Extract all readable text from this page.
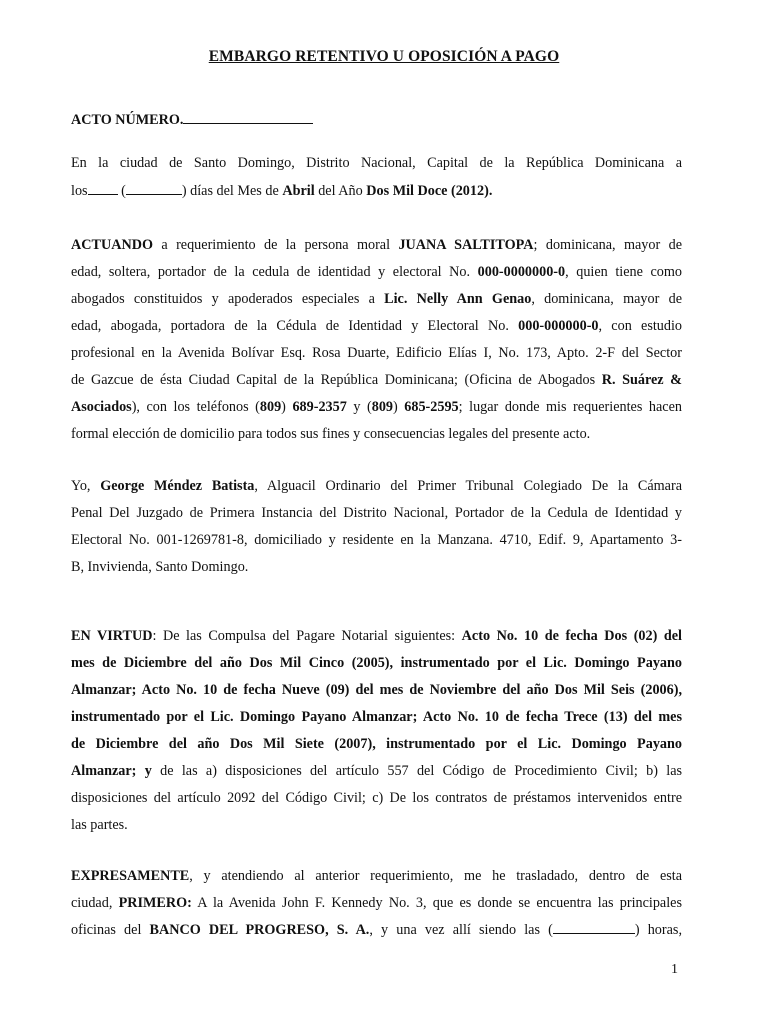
EMBARGO RETENTIVO U OPOSICIÓN A PAGO
ACTO NÚMERO.
En la ciudad de Santo Domingo, Distrito Nacional, Capital de la República Dominicana a
los (	) días del Mes de Abril del Año Dos Mil Doce (2012).
ACTUANDO a requerimiento de la persona moral JUANA SALTITOPA; dominicana, mayor de
edad, soltera, portador de la cedula de identidad y electoral No. 000-0000000-0, quien tiene como
abogados constituidos y apoderados especiales a Lic. Nelly Ann Genao, dominicana, mayor de
edad, abogada, portadora de la Cédula de Identidad y Electoral No. 000-000000-0, con estudio
profesional en la Avenida Bolívar Esq. Rosa Duarte, Edificio Elías I, No. 173, Apto. 2-F del Sector
de Gazcue de ésta Ciudad Capital de la República Dominicana; (Oficina de Abogados R. Suárez &
Asociados), con los teléfonos (809) 689-2357 y (809) 685-2595; lugar donde mis requerientes hacen
formal elección de domicilio para todos sus fines y consecuencias legales del presente acto.
Yo, George Méndez Batista, Alguacil Ordinario del Primer Tribunal Colegiado De la Cámara
Penal Del Juzgado de Primera Instancia del Distrito Nacional, Portador de la Cedula de Identidad y
Electoral No. 001-1269781-8, domiciliado y residente en la Manzana. 4710, Edif. 9, Apartamento 3-
B, Invivienda, Santo Domingo.
EN VIRTUD: De las Compulsa del Pagare Notarial siguientes: Acto No. 10 de fecha Dos (02) del
mes de Diciembre del año Dos Mil Cinco (2005), instrumentado por el Lic. Domingo Payano
Almanzar; Acto No. 10 de fecha Nueve (09) del mes de Noviembre del año Dos Mil Seis (2006),
instrumentado por el Lic. Domingo Payano Almanzar; Acto No. 10 de fecha Trece (13) del mes
de Diciembre del año Dos Mil Siete (2007), instrumentado por el Lic. Domingo Payano
Almanzar; y de las a) disposiciones del artículo 557 del Código de Procedimiento Civil; b) las
disposiciones del artículo 2092 del Código Civil; c) De los contratos de préstamos intervenidos entre
las partes.
EXPRESAMENTE, y atendiendo al anterior requerimiento, me he trasladado, dentro de esta
ciudad, PRIMERO: A la Avenida John F. Kennedy No. 3, que es donde se encuentra las principales
oficinas del BANCO DEL PROGRESO, S. A., y una vez allí siendo las (	) horas,
1
